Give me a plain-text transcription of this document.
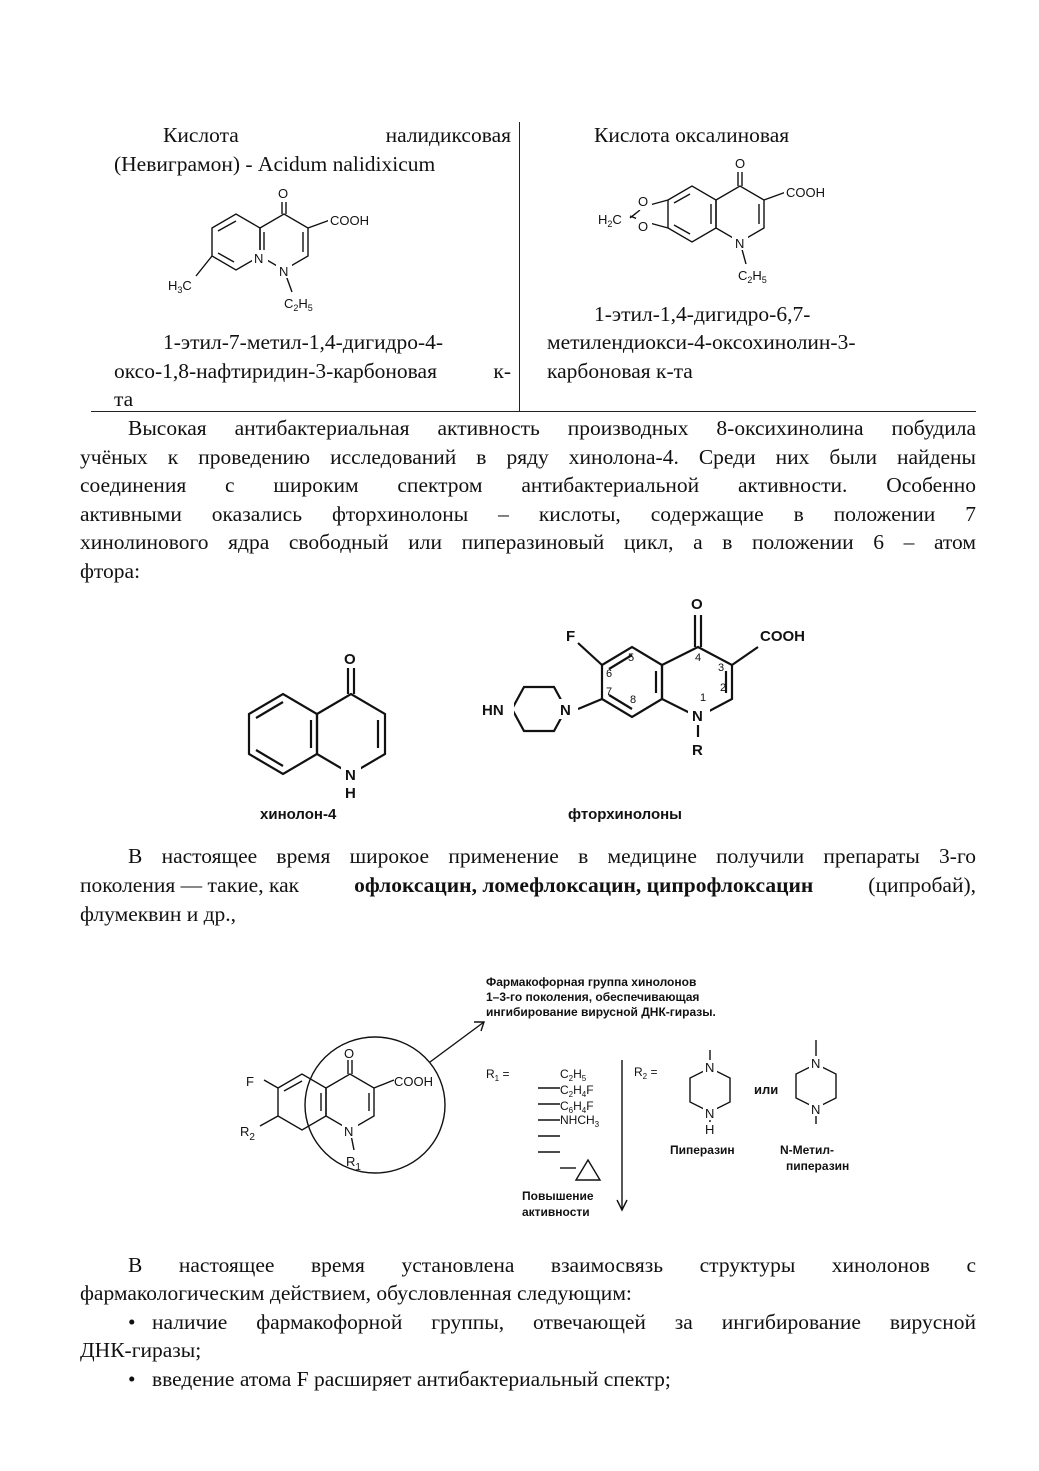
Кислота	налидиксовая
(Невиграмон) - Acidum nalidixicum
O
COOH
N
N
$H_3C$
$C_2H_5$
1-этил-7-метил-1,4-дигидро-4-
оксо-1,8-нафтиридин-3-карбоновая к-
та
Кислота оксалиновая
O
COOH
O
O
$H_2C$
N
$C_2H_5$
1-этил-1,4-дигидро-6,7-
метилендиокси-4-оксохинолин-3-
карбоновая к-та
Высокая антибактериальная активность производных 8-оксихинолина побудила
учёных к проведению исследований в ряду хинолона-4. Среди них были найдены
соединения с широким спектром антибактериальной активности. Особенно
активными оказались фторхинолоны – кислоты, содержащие в положении 7
хинолинового ядра свободный или пиперазиновый цикл, а в положении 6 – атом
фтора:
O
N
H
хинолон-4
N
HN
F
O
COOH
N
R
1
2
3
4
5
6
7
8
фторхинолоны
В настоящее время широкое применение в медицине получили препараты 3-го
поколения — такие, как офлоксацин, ломефлоксацин, ципрофлоксацин (ципробай),
флумеквин и др.,
Фармакофорная группа хинолонов
1–3-го поколения, обеспечивающая
ингибирование вирусной ДНК-гиразы.
O
COOH
F
$R_2$	N
$R_1$
$R_1$ =	$C_2H_5$
$C_2H_4F$
$C_6H_4F$
$NHCH_3$
$R_2$ =	N
N
H
или
N
N
Пиперазин	N-Метил-
пиперазин
Повышение
активности
В настоящее время установлена взаимосвязь структуры хинолонов с
фармакологическим действием, обусловленная следующим:
• наличие фармакофорной группы, отвечающей за ингибирование вирусной
ДНК-гиразы;
• введение атома F расширяет антибактериальный спектр;
